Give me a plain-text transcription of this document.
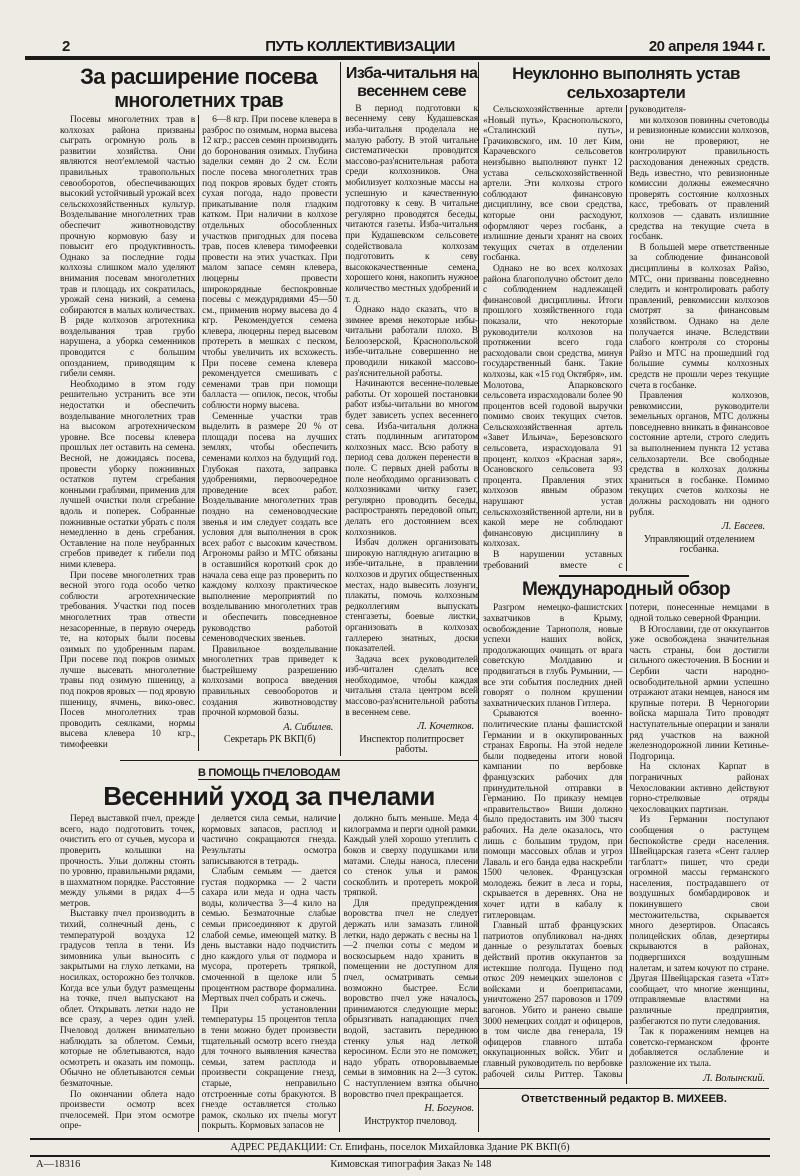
2	ПУТЬ КОЛЛЕКТИВИЗАЦИИ	20 апреля 1944 г.
За расширение посева
многолетних трав

Посевы многолетних трав в колхозах района призваны сыграть огромную роль в развитии хозяйства. Они являются неот'емлемой частью правильных травопольных севооборотов, обеспечивающих высокий устойчивый урожай всех сельскохозяйственных культур. Возделывание многолетних трав обеспечит животноводству прочную кормовую базу и повысит его продуктивность. Однако за последние годы колхозы слишком мало уделяют внимания посевам многолетних трав и площадь их сократилась, урожай сена низкий, а семена собираются в малых количествах. В ряде колхозов агротехника возделывания трав грубо нарушена, а уборка семенников проводится с большим опозданием, приводящим к гибели семян.

Необходимо в этом году решительно устранить все эти недостатки и обеспечить возделывание многолетних трав на высоком агротехническом уровне. Все посевы клевера прошлых лет оставить на семена. Весной, не дожидаясь посева, провести уборку пожнивных остатков путем сгребания конными граблями, применив для лучшей очистки поля сгребание вдоль и поперек. Собранные пожнивные остатки убрать с поля немедленно в день сгребания. Оставление на поле неубранных сгребов приведет к гибели под ними клевера.

При посеве многолетних трав весной этого года особо четко соблюсти агротехнические требования. Участки под посев многолетних трав отвести незасоренные, в первую очередь те, на которых были посевы озимых по удобренным парам. При посеве под покров озимых лучше высевать многолетние травы под озимую пшеницу, а под покров яровых — под яровую пшеницу, ячмень, вико-овес. Посев многолетних трав проводить сеялками, нормы высева клевера 10 кгр., тимофеевки

6—8 кгр. При посеве клевера в разброс по озимым, норма высева 12 кгр.; рассев семян производить до боронования озимых. Глубина заделки семян до 2 см. Если после посева многолетних трав под покров яровых будет стоять сухая погода, надо провести прикатывание поля гладким катком. При наличии в колхозе отдельных обособленных участков пригодных для посева трав, посев клевера тимофеевки провести на этих участках. При малом запасе семян клевера, люцерны провести широкорядные беспокровные посевы с междурядиями 45—50 см., применив норму высева до 4 кгр. Рекомендуется семена клевера, люцерны перед высевом протереть в мешках с песком, чтобы увеличить их всхожесть. При посеве семена клевера рекомендуется смешивать с семенами трав при помощи балласта — опилок, песок, чтобы соблюсти норму высева.

Семенные участки трав выделить в размере 20 % от площади посева на лучших землях, чтобы обеспечить семенами колхоз на будущий год. Глубокая пахота, заправка удобрениями, первоочередное проведение всех работ. Возделывание многолетних трав поздно на семеноводческие звенья и им следует создать все условия для выполнения в срок всех работ с высоким качеством. Агрономы райзо и МТС обязаны в оставшийся короткий срок до начала сева еще раз проверить по каждому колхозу практическое выполнение мероприятий по возделыванию многолетних трав и обеспечить повседневное руководство работой семеноводческих звеньев.

Правильное возделывание многолетних трав приведет к быстрейшему разрешению колхозами вопроса введения правильных севооборотов и создания животноводству прочной кормовой базы.

А. Сибилев.
Секретарь РК ВКП(б)
Изба-читальня на
весеннем севе

В период подготовки к весеннему севу Кудашевская изба-читальня проделала не малую работу. В этой читальне систематически проводится массово-раз'яснительная работа среди колхозников. Она мобилизует колхозные массы на успешную и качественную подготовку к севу. В читальне регулярно проводятся беседы, читаются газеты. Изба-читальня при Кудашевском сельсовете содействовала колхозам подготовить к севу высококачественные семена, хорошего коня, накопить нужное количество местных удобрений и т. д.

Однако надо сказать, что в зимнее время некоторые избы-читальни работали плохо. В Белоозерской, Краснопольской избе-читальне совершенно не проводили никакой массово-раз'яснительной работы.

Начинаются весенне-полевые работы. От хорошей постановки работ избы-читальни во многом будет зависеть успех весеннего сева. Изба-читальня должна стать подлинным агитатором колхозных масс. Всю работу в период сева должен перенести в поле. С первых дней работы в поле необходимо организовать с колхозниками читку газет, регулярно проводить беседы, распространять передовой опыт, делать его достоянием всех колхозников.

Избач должен организовать широкую наглядную агитацию в избе-читальне, в правлении колхозов и других общественных местах, надо вывесить лозунги, плакаты, помочь колхозным редколлегиям выпускать стенгазеты, боевые листки, организовать в колхозах галлерею знатных, доски показателей.

Задача всех руководителей изб-читален сделать все необходимое, чтобы каждая читальня стала центром всей массово-раз'яснительной работы в весеннем севе.

Л. Кочетков.
Инспектор политпросвет работы.
В ПОМОЩЬ ПЧЕЛОВОДАМ
Весенний уход за пчелами

Перед выставкой пчел, прежде всего, надо подготовить точек, очистить его от сучьев, мусора и проверить колышки на прочность. Ульи должны стоять по уровню, правильными рядами, в шахматном порядке. Расстояние между ульями в рядах 4—5 метров.

Выставку пчел производить в тихий, солнечный день, с температурой воздуха 12 градусов тепла в тени. Из зимовника ульи выносить с закрытыми на глухо летками, на носилках, осторожно без толчков. Когда все ульи будут размещены на точке, пчел выпускают на облет. Открывать летки надо не все сразу, а через один улей. Пчеловод должен внимательно наблюдать за облетом. Семьи, которые не облетываются, надо осмотреть и оказать им помощь. Обычно не облетываются семьи безматочные.

По окончании облета надо произвести осмотр всех пчелосемей. При этом осмотре опре-

деляется сила семьи, наличие кормовых запасов, расплод и частично сокращаются гнезда. Результаты осмотра записываются в тетрадь.

Слабым семьям — дается густая подкормка — 2 части сахара или меда и одна часть воды, количества 3—4 кило на семью. Безматочные слабые семьи присоединяют к другой слабой семье, имеющей матку. В день выставки надо подчистить дно каждого улья от подмора и мусора, протереть тряпкой, смоченной в щелоке или 5 процентном растворе формалина. Мертвых пчел собрать и сжечь.

При установлении температуры 15 процентов тепла в тени можно будет произвести тщательный осмотр всего гнезда для точного выявления качества семьи, затем расплода и произвести сокращение гнезд, старые, неправильно отстроенные соты бракуются. В гнезде оставляется столько рамок, сколько их пчелы могут покрыть. Кормовых запасов не

должно быть меньше. Меда 4 килограмма и перги одной рамки. Каждый улей хорошо утеплить с боков и сверху подушками или матами. Следы наноса, плесени со стенок улья и рамок соскоблить и протереть мокрой тряпкой.

Для предупреждения воровства пчел не следует держать или замазать глиной летки, надо держать с весны на 1—2 пчелки соты с медом и воскосырьем надо хранить в помещении не доступном для пчел, осматривать семьи возможно быстрее. Если воровство пчел уже началось, принимаются следующие меры: обрызгивать нападающих пчел водой, заставить переднюю стенку улья над леткой керосином. Если это не поможет, надо убрать отворовываемые семьи в зимовник на 2—3 суток. С наступлением взятка обычно воровство пчел прекращается.

Н. Богунов.
Инструктор пчеловод.
Неуклонно выполнять устав сельхозартели

Сельскохозяйственные артели «Новый путь», Краснопольского, «Сталинский путь», Грачиковского, им. 10 лет Ким, Карачевского сельсоветов неизбывно выполняют пункт 12 устава сельскохозяйственной артели. Эти колхозы строго соблюдают финансовую дисциплину, все свои средства, которые они расходуют, оформляют через госбанк, а излишние деньги хранят на своих текущих счетах в отделении госбанка.

Однако не во всех колхозах района благополучно обстоит дело с соблюдением надлежащей финансовой дисциплины. Итоги прошлого хозяйственного года показали, что некоторые руководители колхозов на протяжении всего года расходовали свои средства, минуя государственный банк. Такие колхозы, как «15 год Октября», им. Молотова, Апарковского сельсовета израсходовали более 90 процентов всей годовой выручки помимо своих текущих счетов. Сельскохозяйственная артель «Завет Ильича», Березовского сельсовета, израсходовала 91 процент, колхоз «Красная заря», Осановского сельсовета 93 процента. Правления этих колхозов явным образом нарушают устав сельскохозяйственной артели, ни в какой мере не соблюдают финансовую дисциплину в колхозах.

В нарушении уставных требований вместе с руководителя-

ми колхозов повинны счетоводы и ревизионные комиссии колхозов, они не проверяют, не контролируют правильность расходования денежных средств. Ведь известно, что ревизионные комиссии должны ежемесячно проверять состояние колхозных касс, требовать от правлений колхозов — сдавать излишние средства на текущие счета в госбанк.

В большей мере ответственные за соблюдение финансовой дисциплины в колхозах Райзо, МТС, они призваны повседневно следить и контролировать работу правлений, ревкомиссии колхозов смотрят за финансовым хозяйством. Однако на деле получается иначе. Вследствии слабого контроля со стороны Райзо и МТС на прошедший год большие суммы колхозных средств не прошли через текущие счета в госбанке.

Правления колхозов, ревкомиссии, руководители земельных органов, МТС должны повседневно вникать в финансовое состояние артели, строго следить за выполнением пункта 12 устава сельхозартели. Все свободные средства в колхозах должны храниться в госбанке. Помимо текущих счетов колхозы не должны расходовать ни одного рубля.

Л. Евсеев.
Управляющий отделением госбанка.
Международный обзор

Разгром немецко-фашистских захватчиков в Крыму, освобождение Тарнополя, новые успехи наших войск, продолжающих очищать от врага советскую Молдавию и продвигаться в глубь Румынии, — все эти события последних дней говорят о полном крушении захватнических планов Гитлера.

Срываются военно-политические планы фашистской Германии и в оккупированных странах Европы. На этой неделе были подведены итоги новой кампании по вербовке французских рабочих для принудительной отправки в Германию. По приказу немцев «правительство» Виши должно было предоставить им 300 тысяч рабочих. На деле оказалось, что лишь с большим трудом, при помощи массовых облав и угроз Лаваль и его банда едва наскребли 1500 человек. Французская молодежь бежит в леса и горы, скрывается в деревнях. Она не хочет идти в кабалу к гитлеровцам.

Главный штаб французских патриотов опубликовал на-днях данные о результатах боевых действий против оккупантов за истекшие полгода. Пущено под откос 209 немецких эшелонов с войсками и боеприпасами, уничтожено 257 паровозов и 1709 вагонов. Убито и ранено свыше 3000 немецких солдат и офицеров, в том числе два генерала, 19 офицеров главного штаба оккупационных войск. Убит и главный руководитель по вербовке рабочей силы Риттер. Таковы потери, понесенные немцами в одной только северной Франции.

В Югославии, где от оккупантов уже освобождена значительная часть страны, бои достигли сильного ожесточения. В Боснии и Сербии части народно-освободительной армии успешно отражают атаки немцев, нанося им крупные потери. В Черногории войска маршала Тито проводят наступательные операции и заняли ряд участков на важной железнодорожной линии Кетинье-Подгорица.

На склонах Карпат в пограничных районах Чехословакии активно действуют горно-стрелковые отряды чехословацких партизан.

Из Германии поступают сообщения о растущем беспокойстве среди населения. Швейцарская газета «Сент галлер тагблатт» пишет, что среди огромной массы германского населения, пострадавшего от воздушных бомбардировок и покинувшего свои местожительства, скрывается много дезертиров. Опасаясь полицейских облав, дезертиры скрываются в районах, подвергшихся воздушным налетам, и затем кочуют по стране. Другая Швейцарская газета «Тат» сообщает, что многие женщины, отправляемые властями на различные предприятия, разбегаются по пути следования.

Так к поражениям немцев на советско-германском фронте добавляется ослабление и разложение их тыла.

Л. Волынский.
Ответственный редактор В. МИХЕЕВ.
АДРЕС РЕДАКЦИИ: Ст. Епифань, поселок Михайловка Здание РК ВКП(б)
А—18316	Кимовская типография Заказ № 148
